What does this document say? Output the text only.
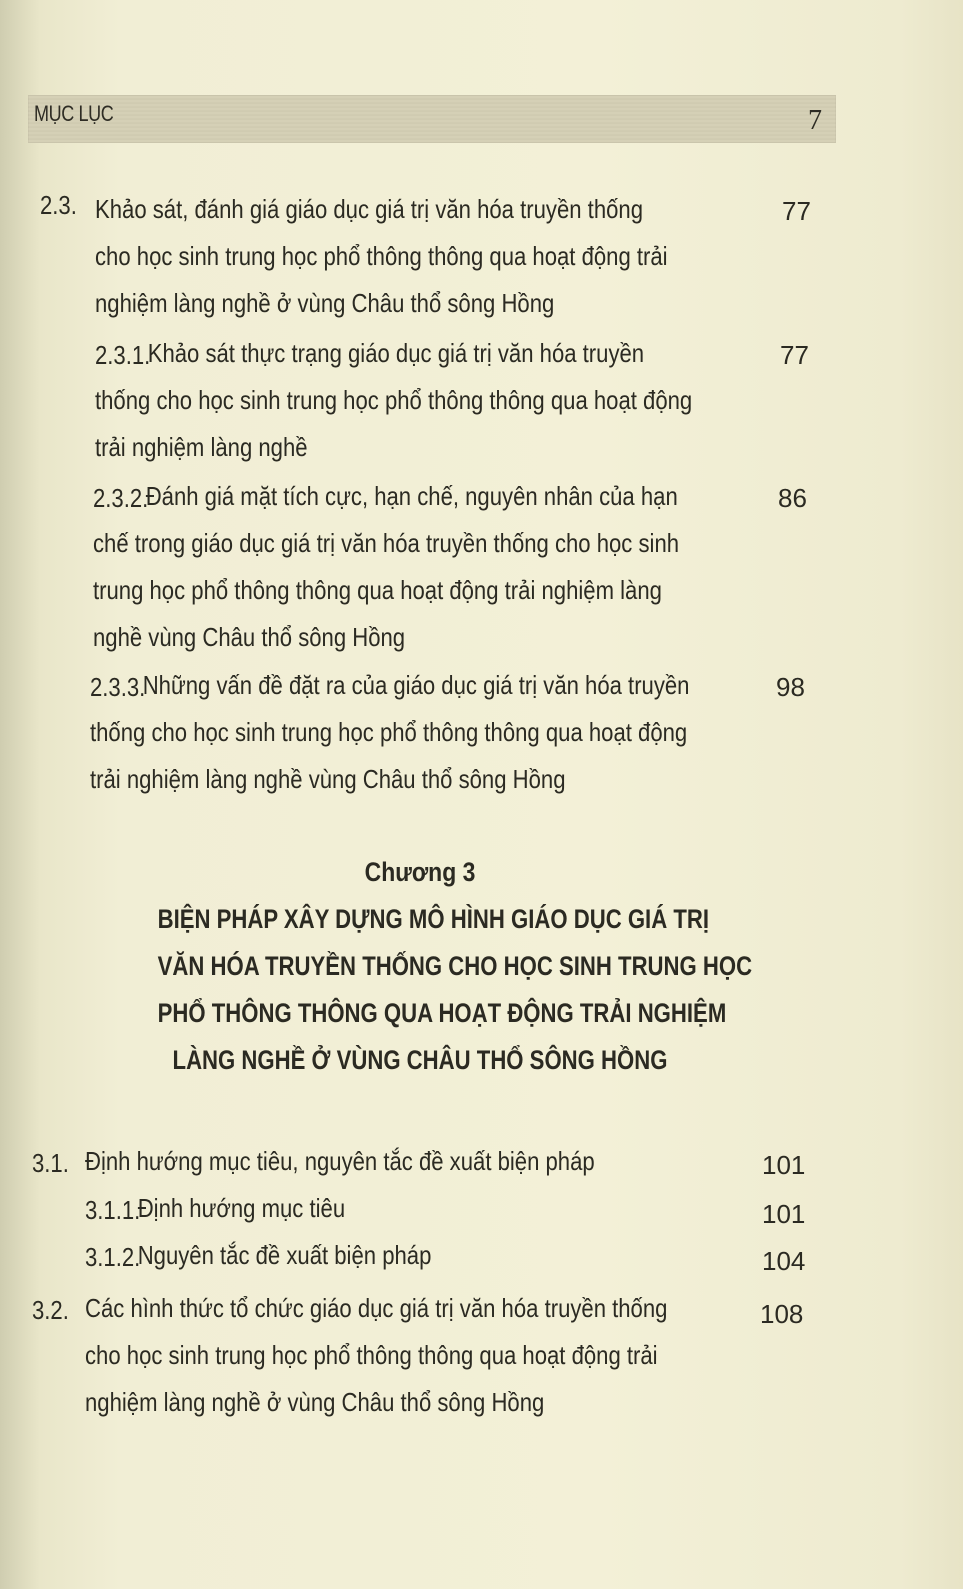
MỤC LỤC	7
2.3. Khảo sát, đánh giá giáo dục giá trị văn hóa truyền thống
cho học sinh trung học phổ thông thông qua hoạt động trải
nghiệm làng nghề ở vùng Châu thổ sông Hồng
77
2.3.1.
Khảo sát thực trạng giáo dục giá trị văn hóa truyền
thống cho học sinh trung học phổ thông thông qua hoạt động
trải nghiệm làng nghề
77
2.3.2.
Đánh giá mặt tích cực, hạn chế, nguyên nhân của hạn
chế trong giáo dục giá trị văn hóa truyền thống cho học sinh
trung học phổ thông thông qua hoạt động trải nghiệm làng
nghề vùng Châu thổ sông Hồng
86
2.3.3.
Những vấn đề đặt ra của giáo dục giá trị văn hóa truyền
thống cho học sinh trung học phổ thông thông qua hoạt động
trải nghiệm làng nghề vùng Châu thổ sông Hồng
98
Chương 3
BIỆN PHÁP XÂY DỰNG MÔ HÌNH GIÁO DỤC GIÁ TRỊ
VĂN HÓA TRUYỀN THỐNG CHO HỌC SINH TRUNG HỌC
PHỔ THÔNG THÔNG QUA HOẠT ĐỘNG TRẢI NGHIỆM
LÀNG NGHỀ Ở VÙNG CHÂU THỔ SÔNG HỒNG
3.1. Định hướng mục tiêu, nguyên tắc đề xuất biện pháp	101
3.1.1.
Định hướng mục tiêu	101
3.1.2.
Nguyên tắc đề xuất biện pháp	104
3.2. Các hình thức tổ chức giáo dục giá trị văn hóa truyền thống
cho học sinh trung học phổ thông thông qua hoạt động trải
nghiệm làng nghề ở vùng Châu thổ sông Hồng
108
